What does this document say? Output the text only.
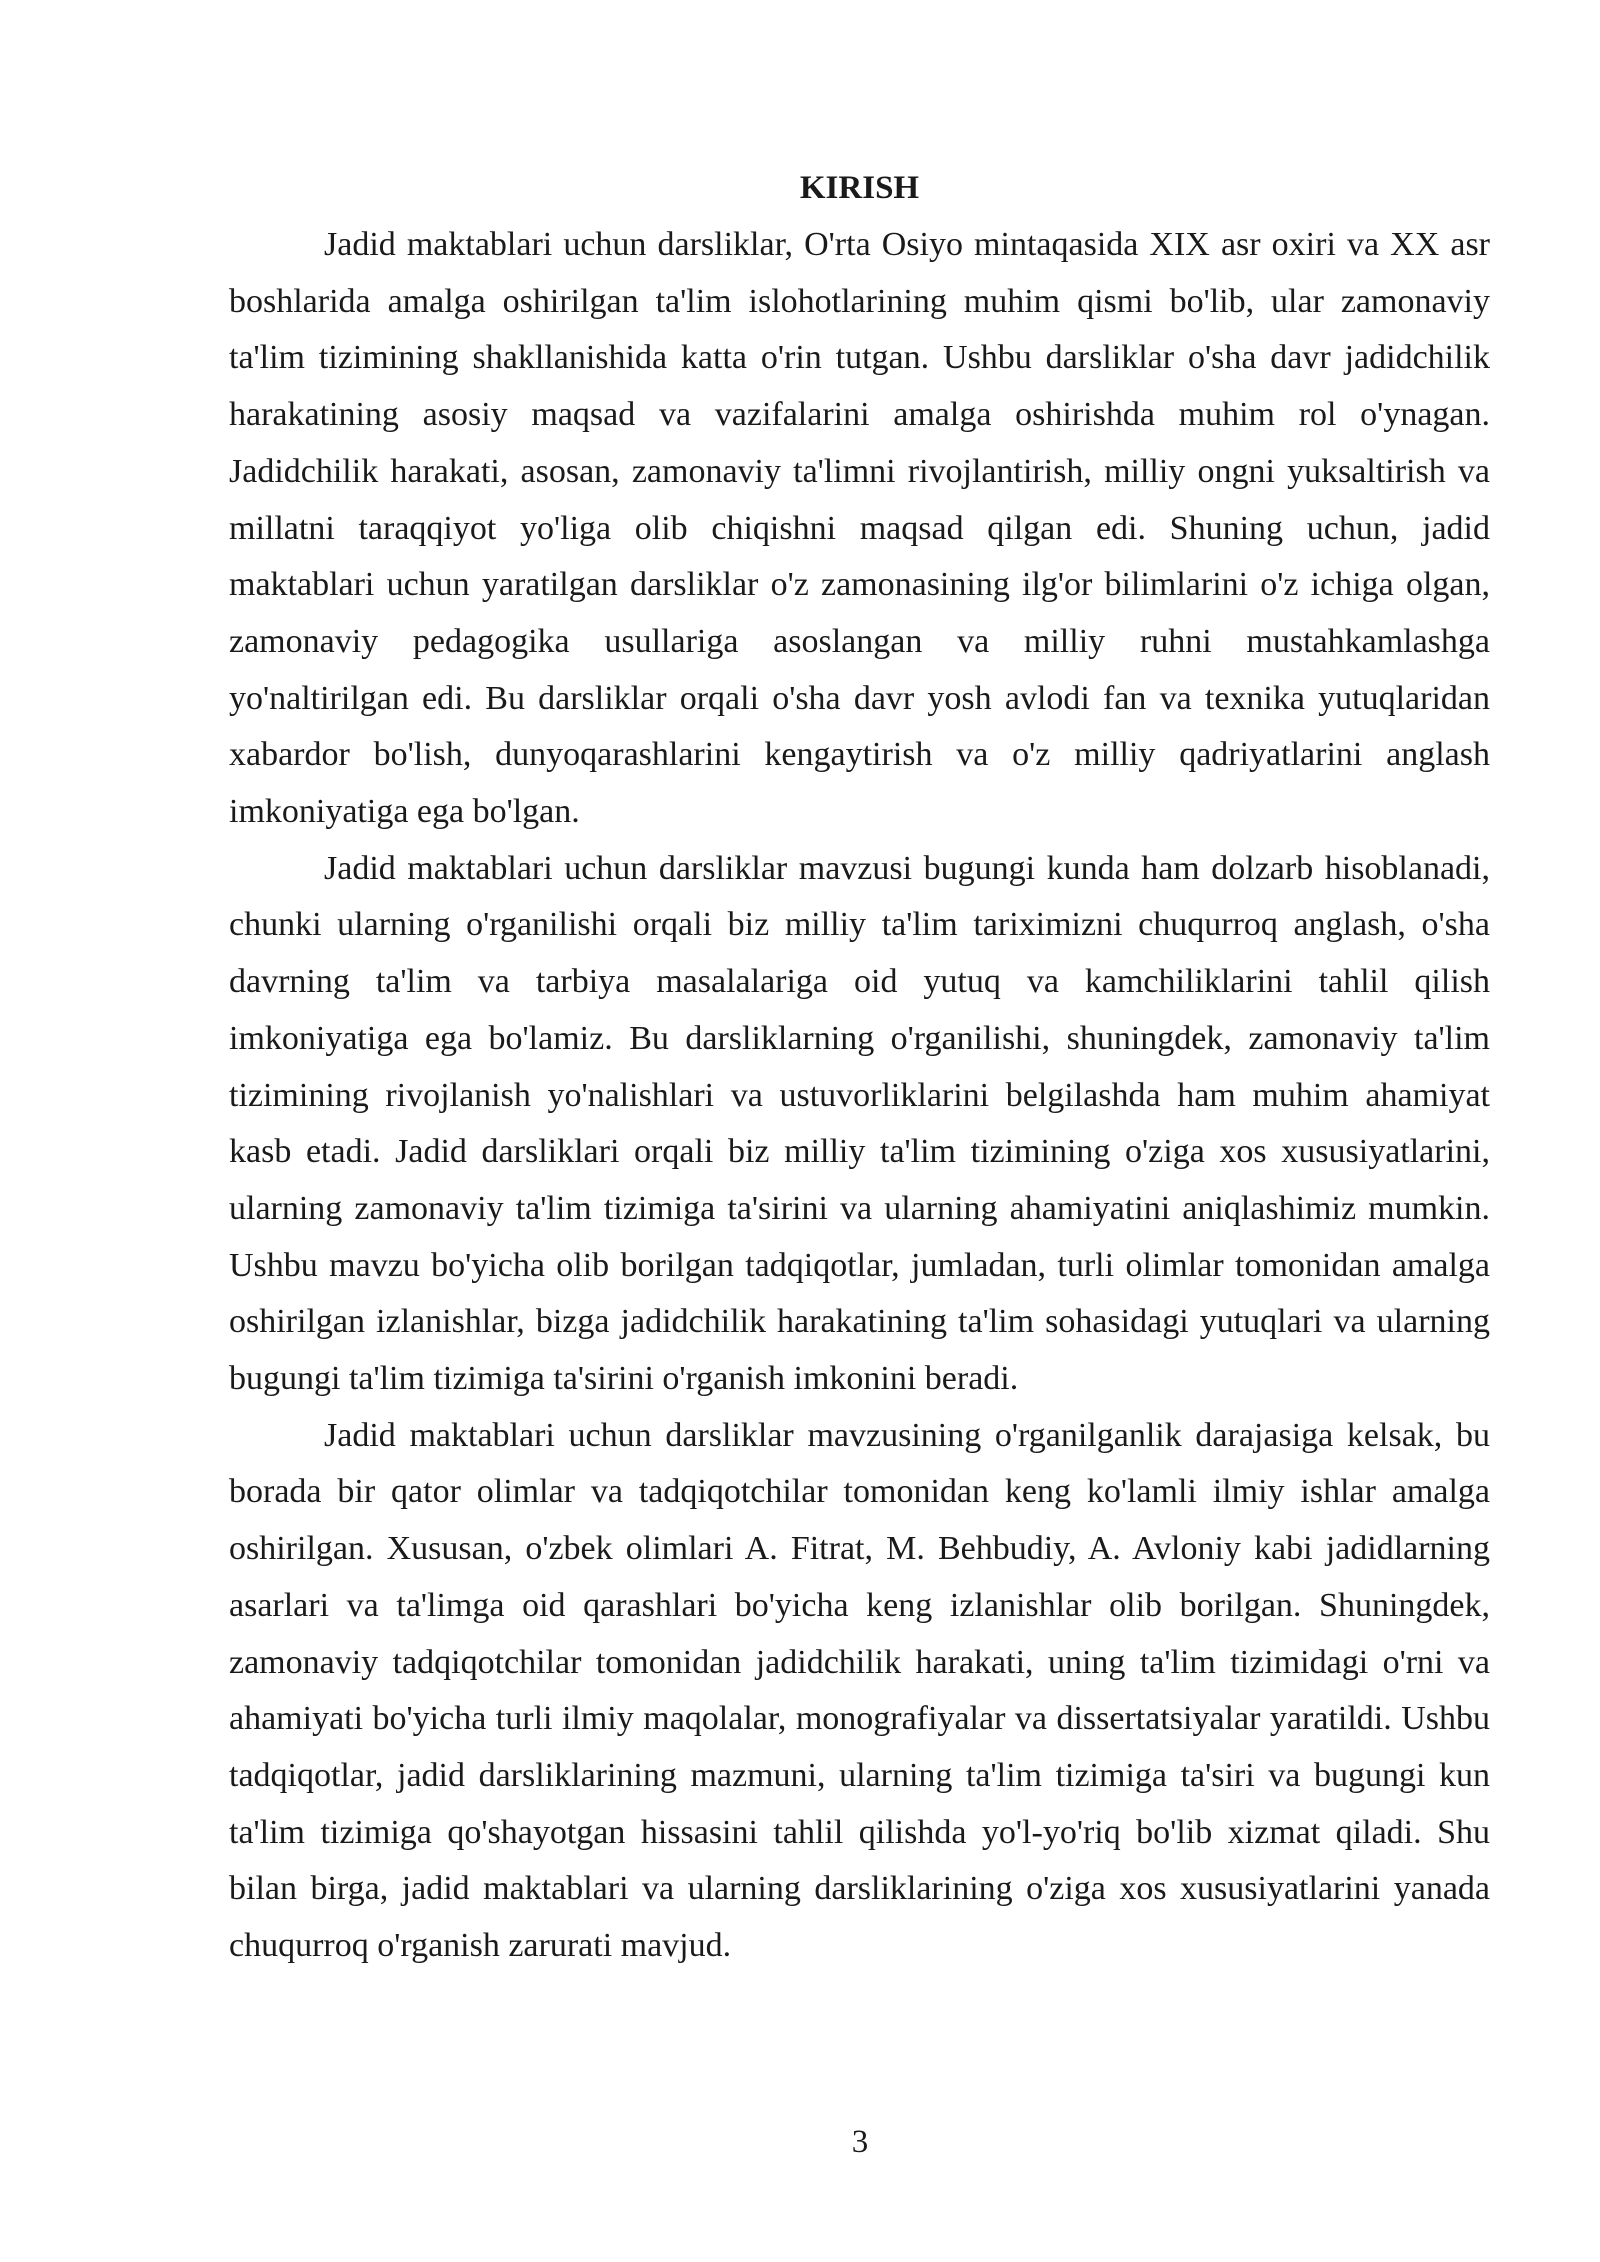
KIRISH

Jadid maktablari uchun darsliklar, O'rta Osiyo mintaqasida XIX asr oxiri va XX asr boshlarida amalga oshirilgan ta'lim islohotlarining muhim qismi bo'lib, ular zamonaviy ta'lim tizimining shakllanishida katta o'rin tutgan. Ushbu darsliklar o'sha davr jadidchilik harakatining asosiy maqsad va vazifalarini amalga oshirishda muhim rol o'ynagan. Jadidchilik harakati, asosan, zamonaviy ta'limni rivojlantirish, milliy ongni yuksaltirish va millatni taraqqiyot yo'liga olib chiqishni maqsad qilgan edi. Shuning uchun, jadid maktablari uchun yaratilgan darsliklar o'z zamonasining ilg'or bilimlarini o'z ichiga olgan, zamonaviy pedagogika usullariga asoslangan va milliy ruhni mustahkamlashga yo'naltirilgan edi. Bu darsliklar orqali o'sha davr yosh avlodi fan va texnika yutuqlaridan xabardor bo'lish, dunyoqarashlarini kengaytirish va o'z milliy qadriyatlarini anglash imkoniyatiga ega bo'lgan.

Jadid maktablari uchun darsliklar mavzusi bugungi kunda ham dolzarb hisoblanadi, chunki ularning o'rganilishi orqali biz milliy ta'lim tariximizni chuqurroq anglash, o'sha davrning ta'lim va tarbiya masalalariga oid yutuq va kamchiliklarini tahlil qilish imkoniyatiga ega bo'lamiz. Bu darsliklarning o'rganilishi, shuningdek, zamonaviy ta'lim tizimining rivojlanish yo'nalishlari va ustuvorliklarini belgilashda ham muhim ahamiyat kasb etadi. Jadid darsliklari orqali biz milliy ta'lim tizimining o'ziga xos xususiyatlarini, ularning zamonaviy ta'lim tizimiga ta'sirini va ularning ahamiyatini aniqlashimiz mumkin. Ushbu mavzu bo'yicha olib borilgan tadqiqotlar, jumladan, turli olimlar tomonidan amalga oshirilgan izlanishlar, bizga jadidchilik harakatining ta'lim sohasidagi yutuqlari va ularning bugungi ta'lim tizimiga ta'sirini o'rganish imkonini beradi.

Jadid maktablari uchun darsliklar mavzusining o'rganilganlik darajasiga kelsak, bu borada bir qator olimlar va tadqiqotchilar tomonidan keng ko'lamli ilmiy ishlar amalga oshirilgan. Xususan, o'zbek olimlari A. Fitrat, M. Behbudiy, A. Avloniy kabi jadidlarning asarlari va ta'limga oid qarashlari bo'yicha keng izlanishlar olib borilgan. Shuningdek, zamonaviy tadqiqotchilar tomonidan jadidchilik harakati, uning ta'lim tizimidagi o'rni va ahamiyati bo'yicha turli ilmiy maqolalar, monografiyalar va dissertatsiyalar yaratildi. Ushbu tadqiqotlar, jadid darsliklarining mazmuni, ularning ta'lim tizimiga ta'siri va bugungi kun ta'lim tizimiga qo'shayotgan hissasini tahlil qilishda yo'l-yo'riq bo'lib xizmat qiladi. Shu bilan birga, jadid maktablari va ularning darsliklarining o'ziga xos xususiyatlarini yanada chuqurroq o'rganish zarurati mavjud.

3
